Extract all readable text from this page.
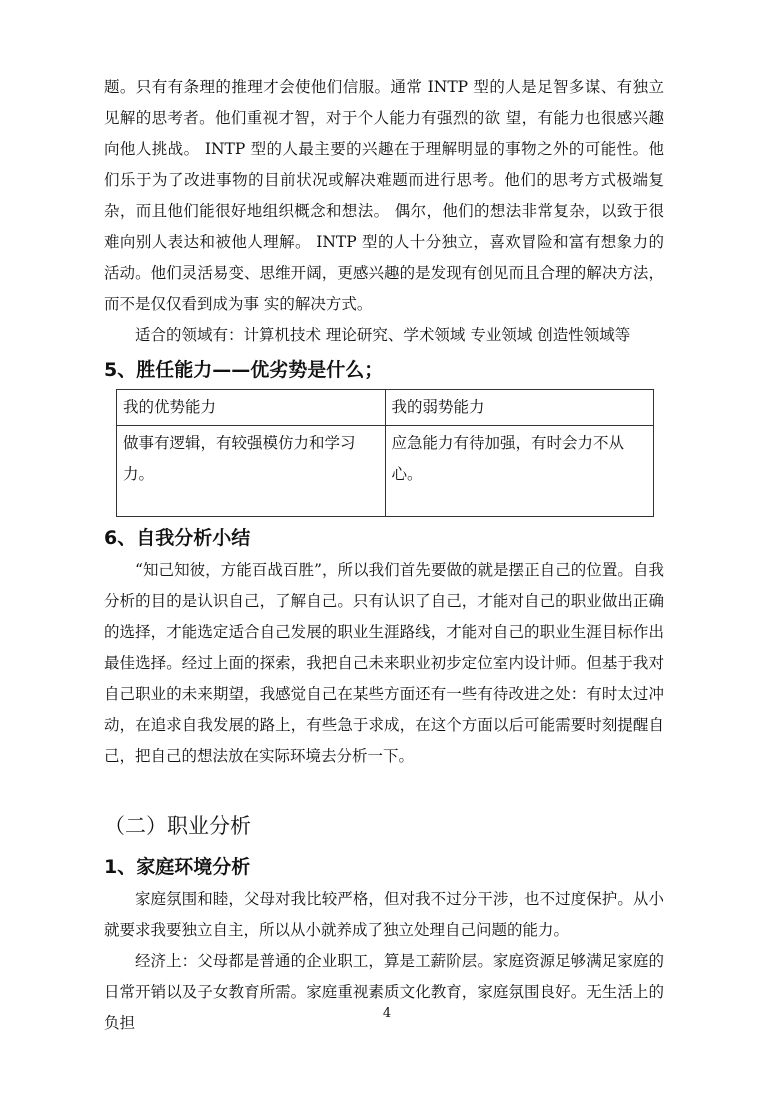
题。只有有条理的推理才会使他们信服。通常 INTP 型的人是足智多谋、有独立见解的思考者。他们重视才智，对于个人能力有强烈的欲 望，有能力也很感兴趣向他人挑战。 INTP 型的人最主要的兴趣在于理解明显的事物之外的可能性。他们乐于为了改进事物的目前状况或解决难题而进行思考。他们的思考方式极端复杂，而且他们能很好地组织概念和想法。 偶尔，他们的想法非常复杂，以致于很难向别人表达和被他人理解。 INTP 型的人十分独立，喜欢冒险和富有想象力的活动。他们灵活易变、思维开阔，更感兴趣的是发现有创见而且合理的解决方法，而不是仅仅看到成为事 实的解决方式。

适合的领域有：计算机技术 理论研究、学术领域 专业领域 创造性领域等

5、胜任能力——优劣势是什么；
我的优势能力	我的弱势能力
做事有逻辑，有较强模仿力和学习力。	应急能力有待加强，有时会力不从心。
6、自我分析小结

“知己知彼，方能百战百胜”，所以我们首先要做的就是摆正自己的位置。自我分析的目的是认识自己，了解自己。只有认识了自己，才能对自己的职业做出正确的选择，才能选定适合自己发展的职业生涯路线，才能对自己的职业生涯目标作出最佳选择。经过上面的探索，我把自己未来职业初步定位室内设计师。但基于我对自己职业的未来期望，我感觉自己在某些方面还有一些有待改进之处：有时太过冲动，在追求自我发展的路上，有些急于求成，在这个方面以后可能需要时刻提醒自己，把自己的想法放在实际环境去分析一下。

（二）职业分析
1、家庭环境分析

家庭氛围和睦，父母对我比较严格，但对我不过分干涉，也不过度保护。从小就要求我要独立自主，所以从小就养成了独立处理自己问题的能力。

经济上：父母都是普通的企业职工，算是工薪阶层。家庭资源足够满足家庭的日常开销以及子女教育所需。家庭重视素质文化教育，家庭氛围良好。无生活上的负担

4
